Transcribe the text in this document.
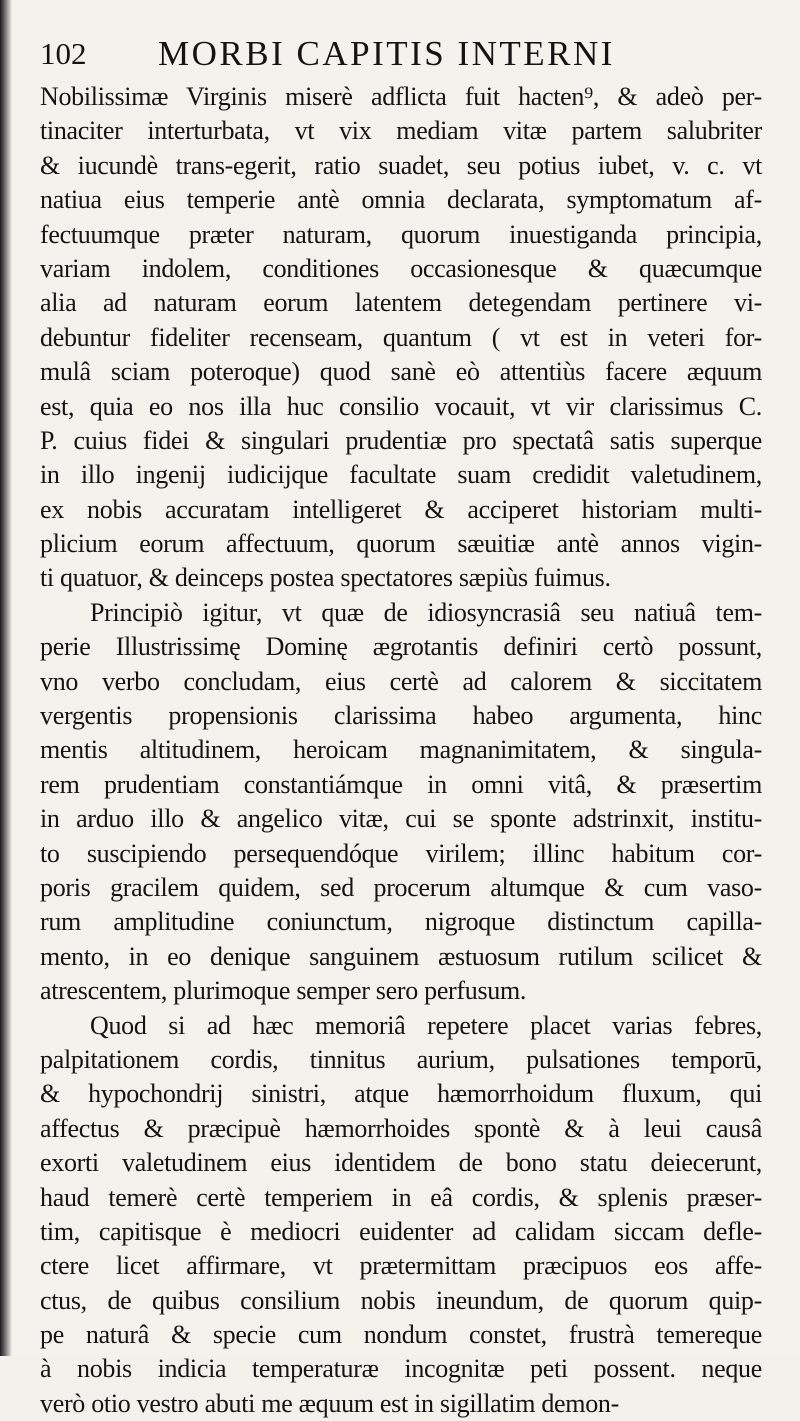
102 MORBI CAPITIS INTERNI
Nobilissimæ Virginis miserè adflicta fuit hacten⁹, & adeò per-
tinaciter interturbata, vt vix mediam vitæ partem salubriter
& iucundè trans-egerit, ratio suadet, seu potius iubet, v. c. vt
natiua eius temperie antè omnia declarata, symptomatum af-
fectuumque præter naturam, quorum inuestiganda principia,
variam indolem, conditiones occasionesque & quæcumque
alia ad naturam eorum latentem detegendam pertinere vi-
debuntur fideliter recenseam, quantum ( vt est in veteri for-
mulâ sciam poteroque) quod sanè eò attentiùs facere æquum
est, quia eo nos illa huc consilio vocauit, vt vir clarissimus C.
P. cuius fidei & singulari prudentiæ pro spectatâ satis superque
in illo ingenij iudicijque facultate suam credidit valetudinem,
ex nobis accuratam intelligeret & acciperet historiam multi-
plicium eorum affectuum, quorum sæuitiæ antè annos vigin-
ti quatuor, & deinceps postea spectatores sæpiùs fuimus.
Principiò igitur, vt quæ de idiosyncrasiâ seu natiuâ tem-
perie Illustrissimę Dominę ægrotantis definiri certò possunt,
vno verbo concludam, eius certè ad calorem & siccitatem
vergentis propensionis clarissima habeo argumenta, hinc
mentis altitudinem, heroicam magnanimitatem, & singula-
rem prudentiam constantiámque in omni vitâ, & præsertim
in arduo illo & angelico vitæ, cui se sponte adstrinxit, institu-
to suscipiendo persequendóque virilem; illinc habitum cor-
poris gracilem quidem, sed procerum altumque & cum vaso-
rum amplitudine coniunctum, nigroque distinctum capilla-
mento, in eo denique sanguinem æstuosum rutilum scilicet &
atrescentem, plurimoque semper sero perfusum.
Quod si ad hæc memoriâ repetere placet varias febres,
palpitationem cordis, tinnitus aurium, pulsationes temporū,
& hypochondrij sinistri, atque hæmorrhoidum fluxum, qui
affectus & præcipuè hæmorrhoides spontè & à leui causâ
exorti valetudinem eius identidem de bono statu deiecerunt,
haud temerè certè temperiem in eâ cordis, & splenis præser-
tim, capitisque è mediocri euidenter ad calidam siccam defle-
ctere licet affirmare, vt prætermittam præcipuos eos affe-
ctus, de quibus consilium nobis ineundum, de quorum quip-
pe naturâ & specie cum nondum constet, frustrà temereque
à nobis indicia temperaturæ incognitæ peti possent. neque
verò otio vestro abuti me æquum est in sigillatim demon-
